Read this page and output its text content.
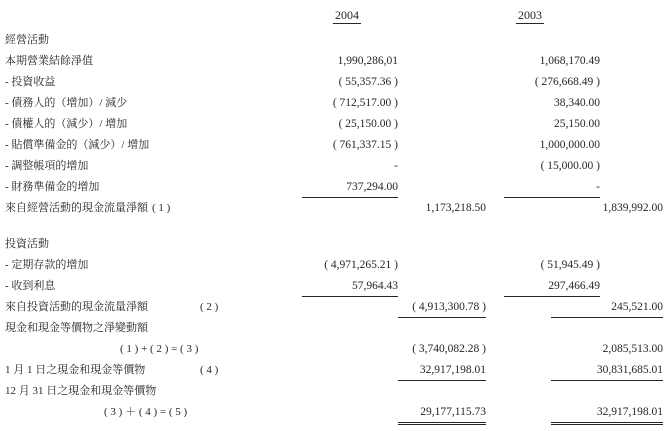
2004	2003
經營活動
本期營業結餘淨值	1,990,286,01	1,068,170.49
- 投資收益	( 55,357.36 )	( 276,668.49 )
- 債務人的（增加）/ 減少	( 712,517.00 )	38,340.00
- 債權人的（減少）/ 增加	( 25,150.00 )	25,150.00
- 貼償準備金的（減少）/ 增加	( 761,337.15 )	1,000,000.00
- 調整帳項的增加	-	( 15,000.00 )
- 財務準備金的增加	737,294.00	-
來自經營活動的現金流量淨額 ( 1 )	1,173,218.50	1,839,992.00
投資活動
- 定期存款的增加	( 4,971,265.21 )	( 51,945.49 )
- 收到利息	57,964.43	297,466.49
來自投資活動的現金流量淨額	( 2 )	( 4,913,300.78 )	245,521.00
現金和現金等價物之淨變動額
( 1 ) + ( 2 ) = ( 3 )	( 3,740,082.28 )	2,085,513.00
1 月 1 日之現金和現金等價物	( 4 )	32,917,198.01	30,831,685.01
12 月 31 日之現金和現金等價物
( 3 ) ＋ ( 4 ) = ( 5 )	29,177,115.73	32,917,198.01
